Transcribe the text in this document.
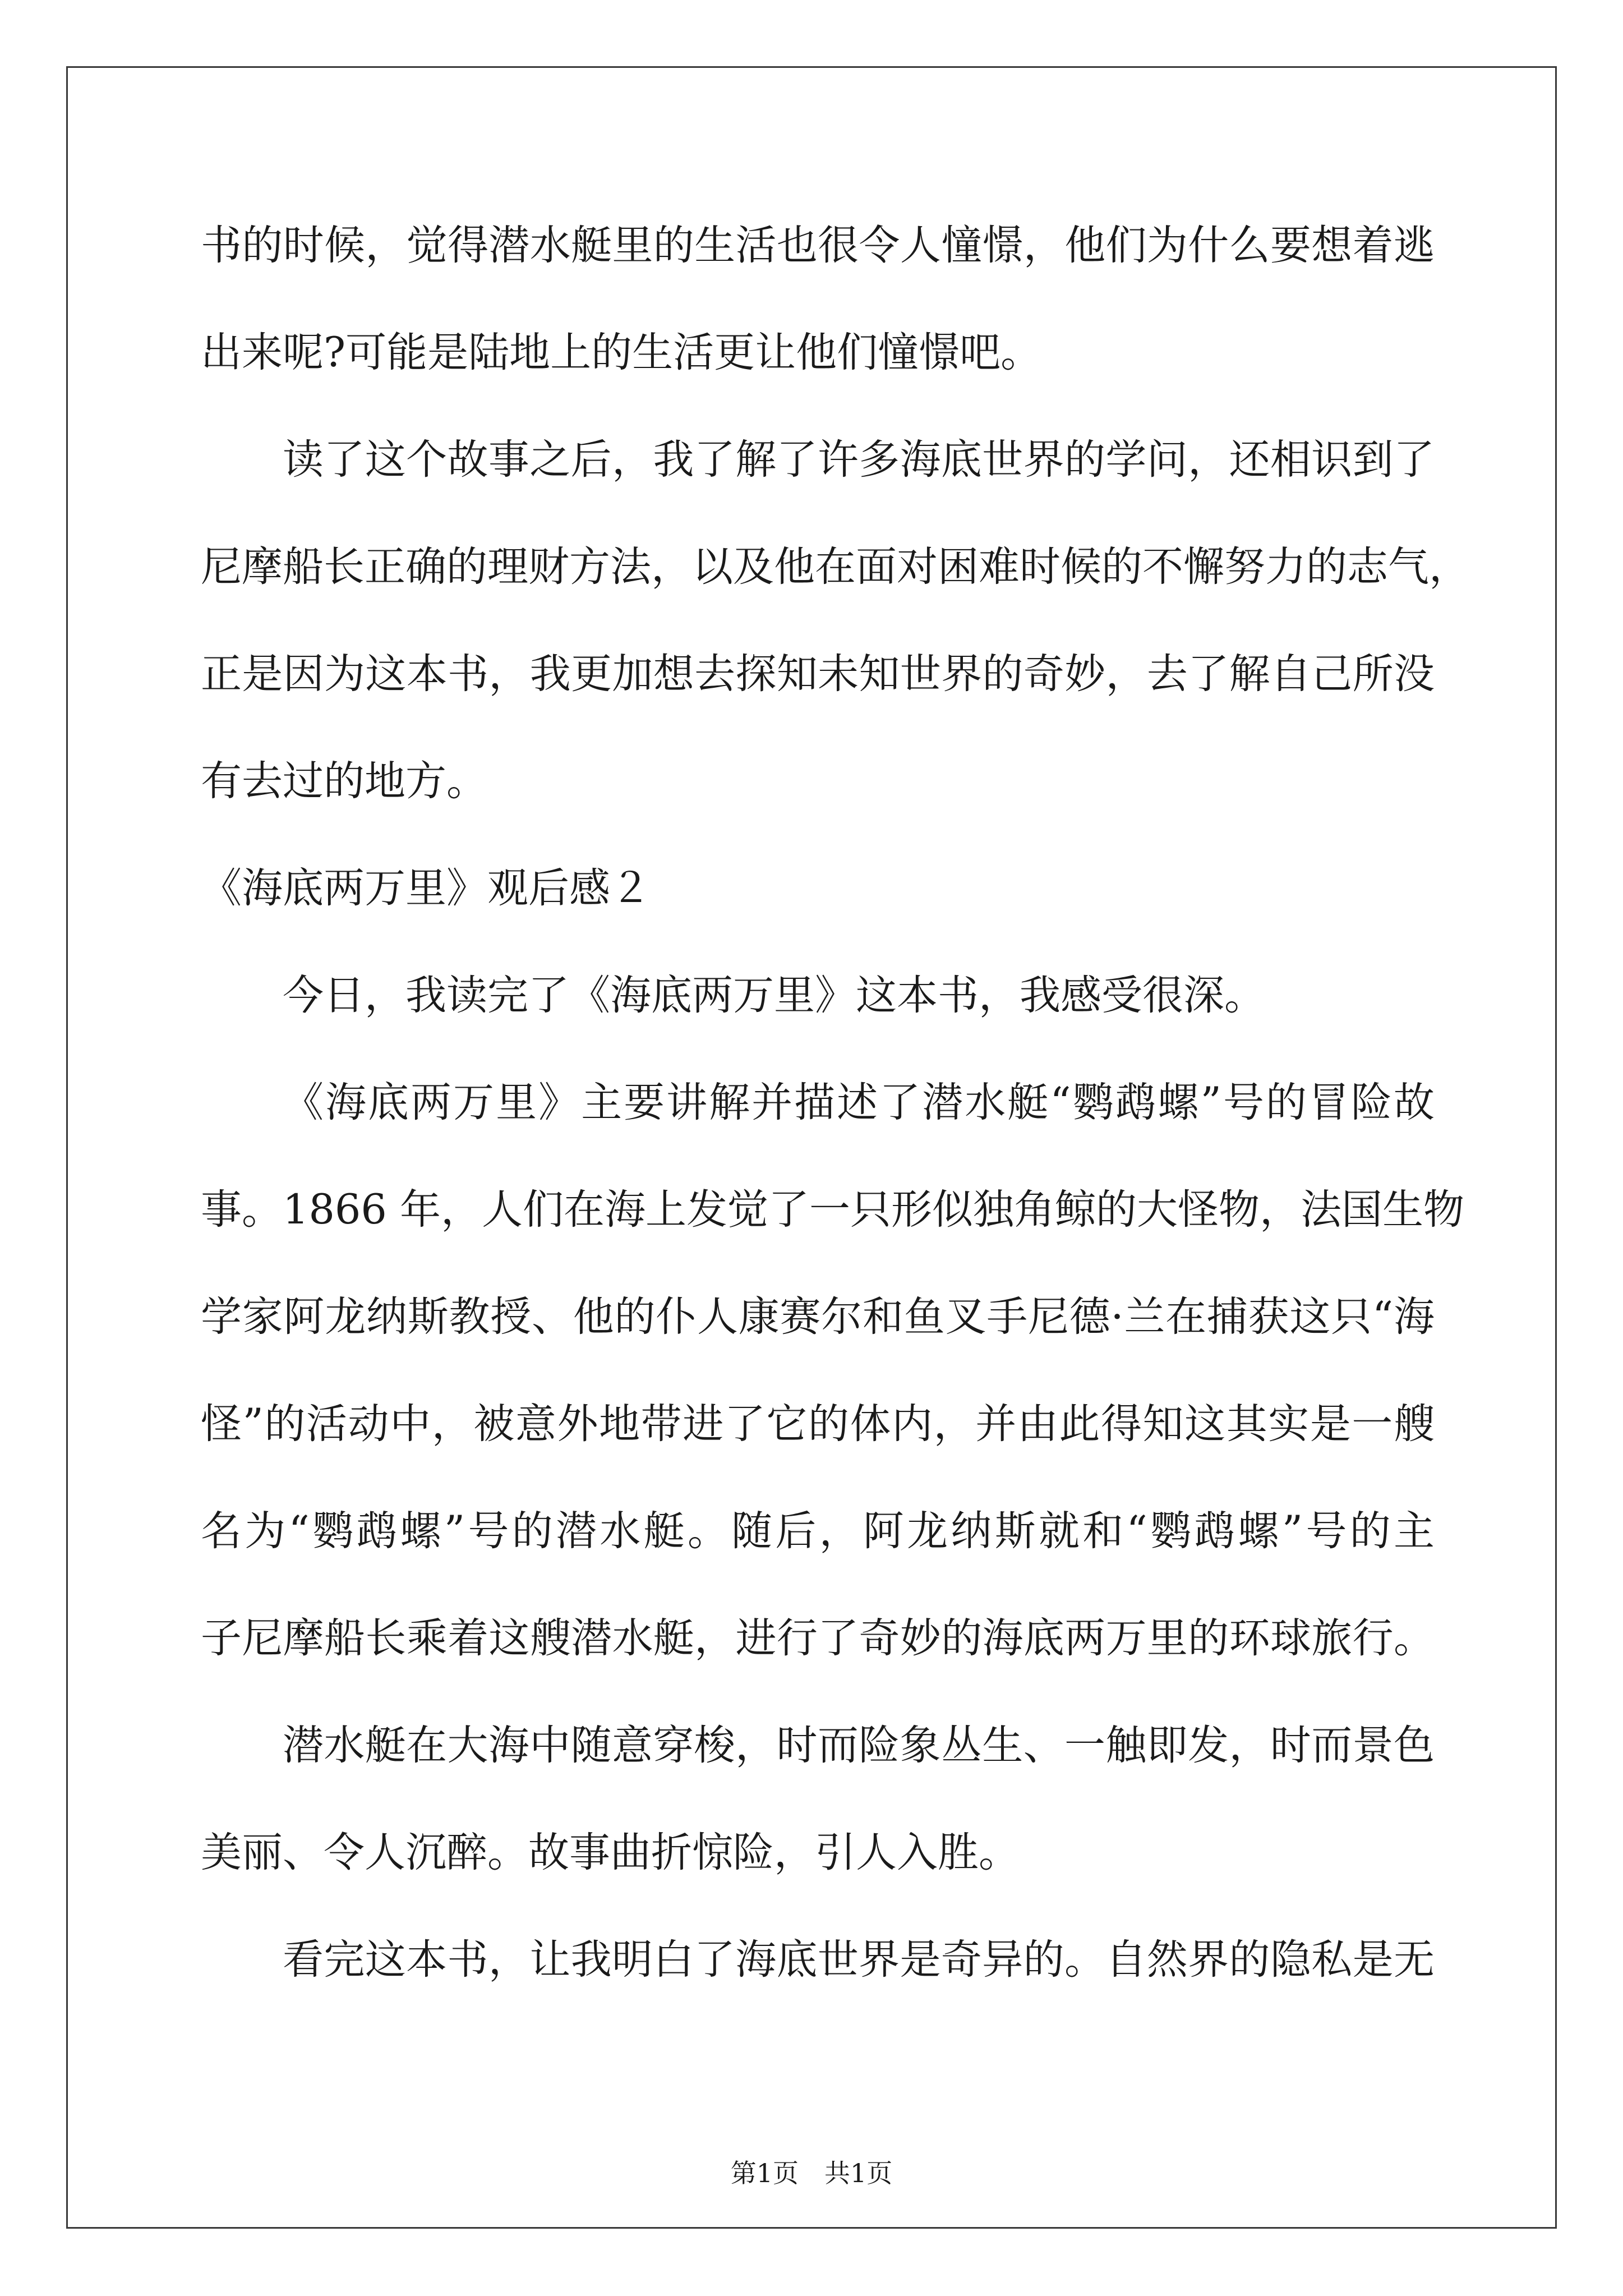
书的时候，觉得潜水艇里的生活也很令人憧憬，他们为什么要想着逃
出来呢?可能是陆地上的生活更让他们憧憬吧。
读了这个故事之后，我了解了许多海底世界的学问，还相识到了
尼摩船长正确的理财方法，以及他在面对困难时候的不懈努力的志气，
正是因为这本书，我更加想去探知未知世界的奇妙，去了解自己所没
有去过的地方。
《海底两万里》观后感２
今日，我读完了《海底两万里》这本书，我感受很深。
《海底两万里》主要讲解并描述了潜水艇“鹦鹉螺”号的冒险故
事。1866 年，人们在海上发觉了一只形似独角鲸的大怪物，法国生物
学家阿龙纳斯教授、他的仆人康赛尔和鱼叉手尼德·兰在捕获这只“海
怪”的活动中，被意外地带进了它的体内，并由此得知这其实是一艘
名为“鹦鹉螺”号的潜水艇。随后，阿龙纳斯就和“鹦鹉螺”号的主
子尼摩船长乘着这艘潜水艇，进行了奇妙的海底两万里的环球旅行。
潜水艇在大海中随意穿梭，时而险象丛生、一触即发，时而景色
美丽、令人沉醉。故事曲折惊险，引人入胜。
看完这本书，让我明白了海底世界是奇异的。自然界的隐私是无
第1页　共1页
